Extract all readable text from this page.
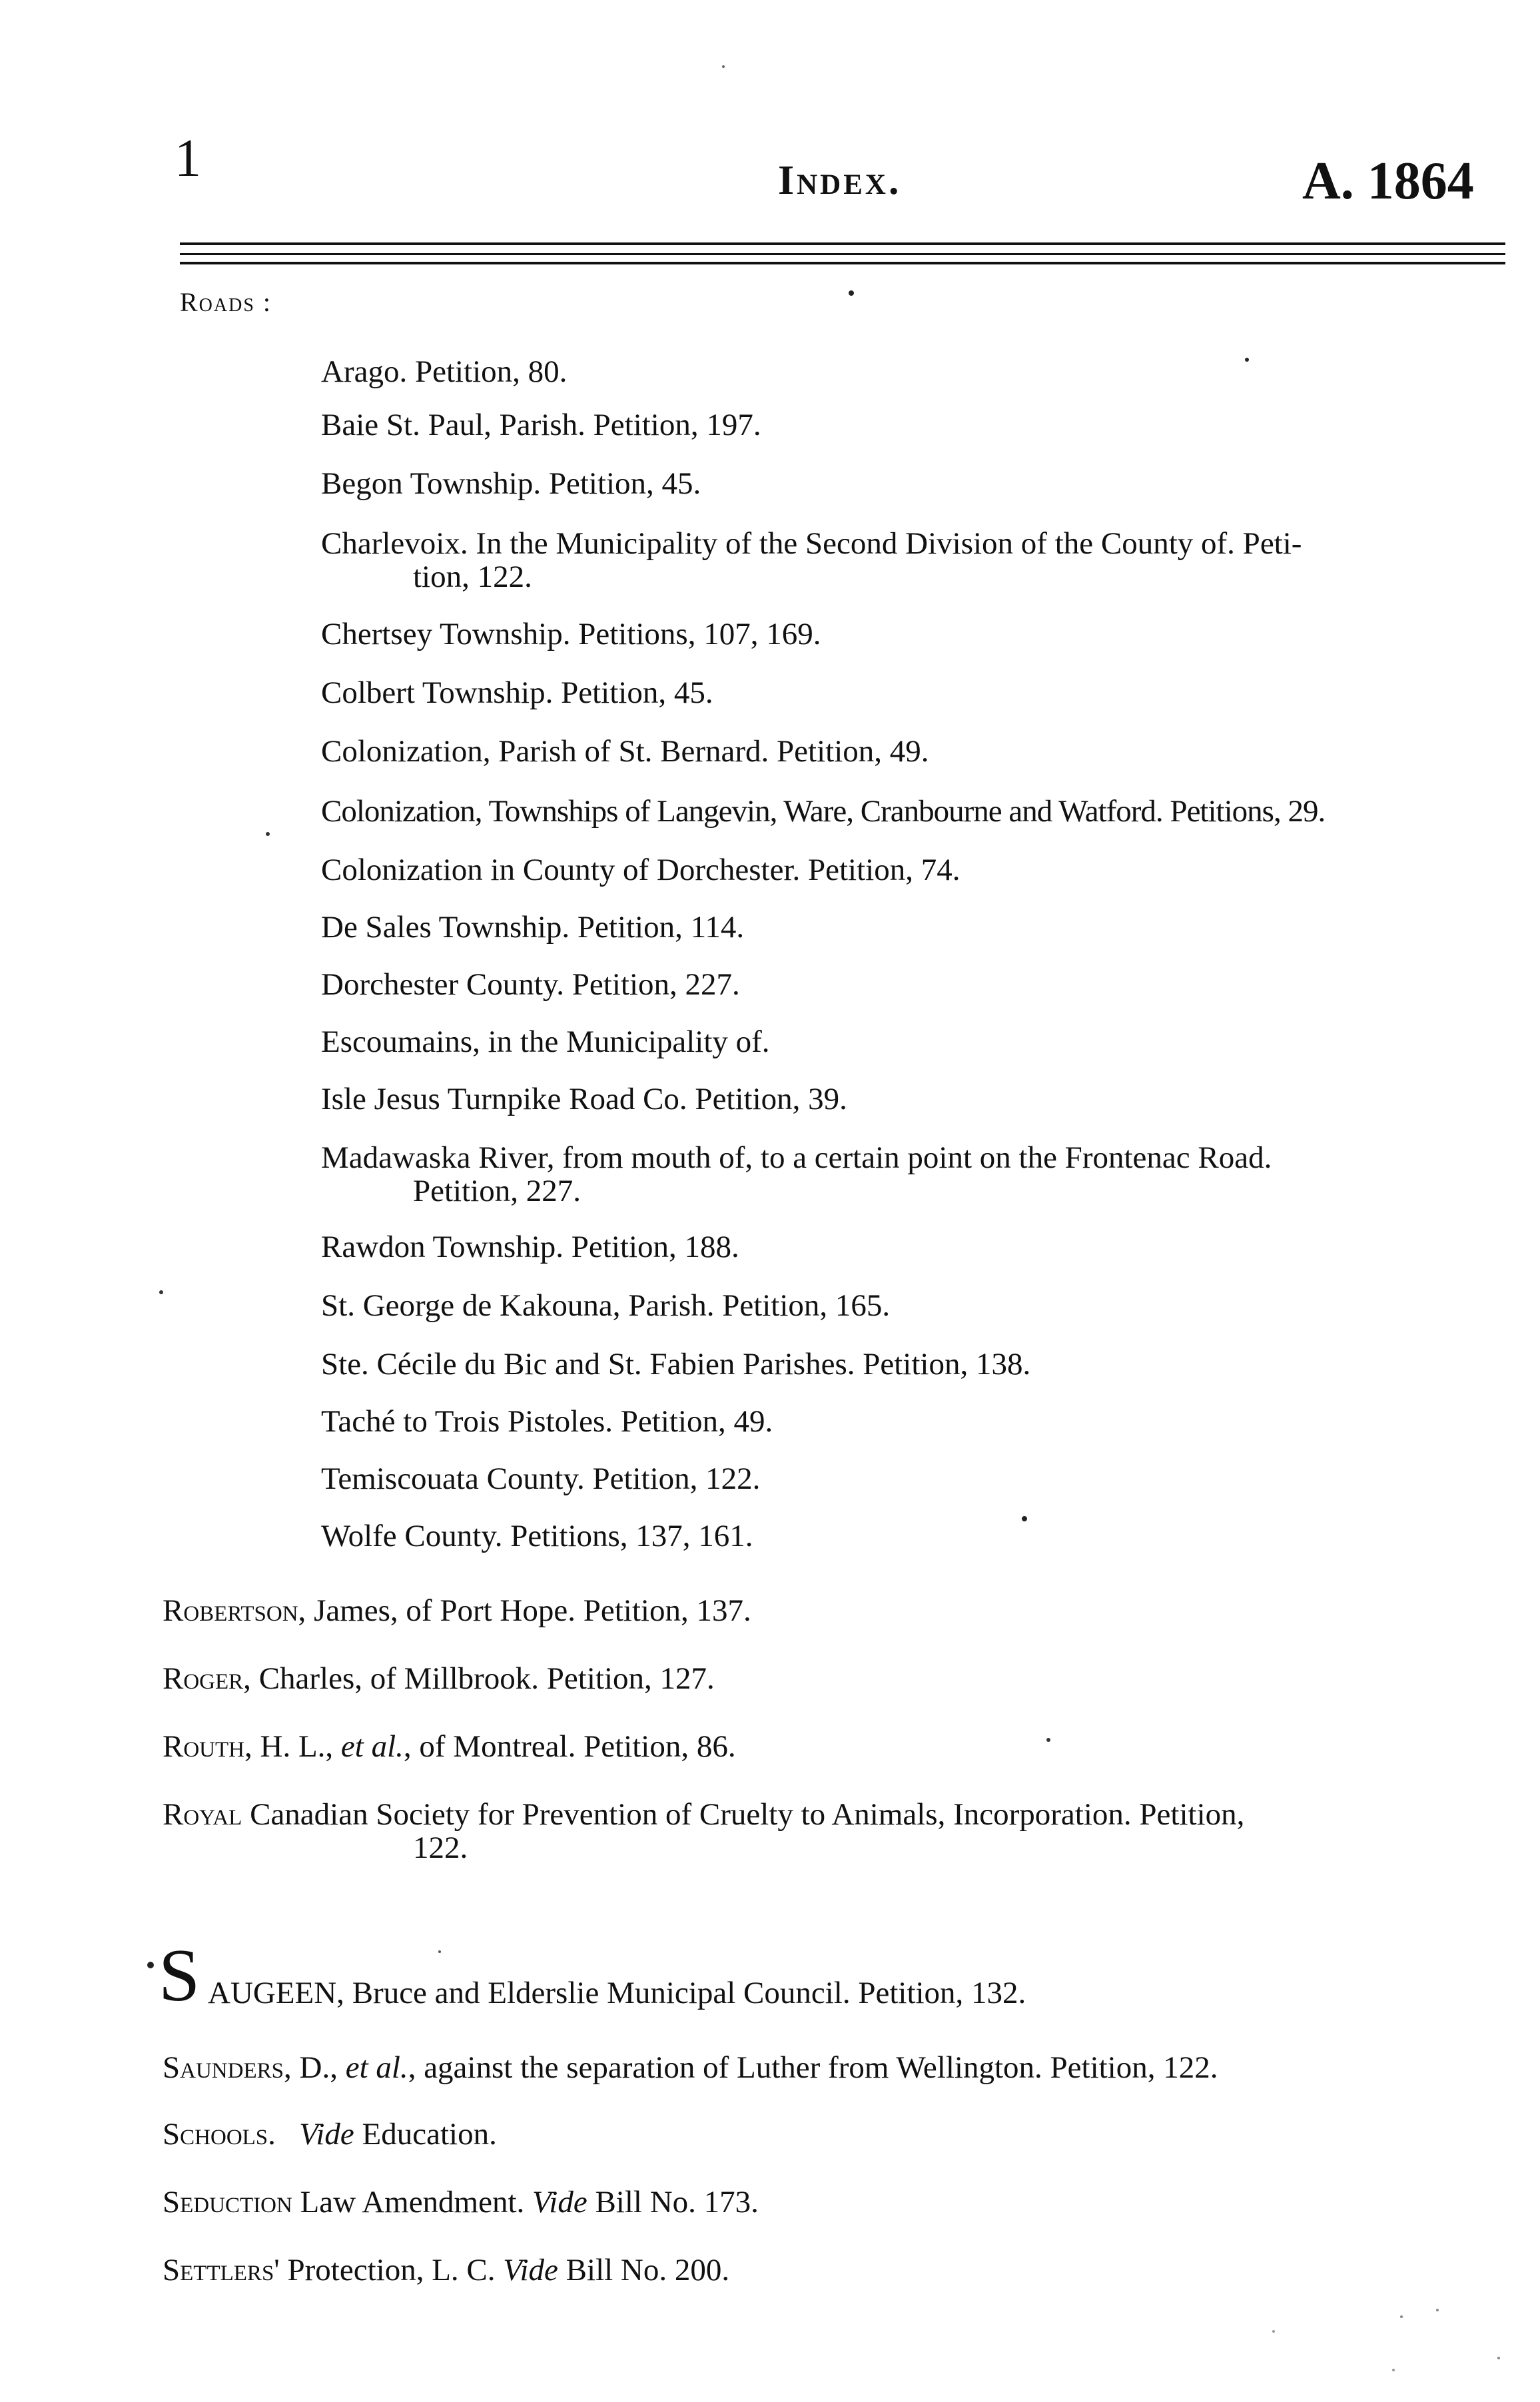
1	Index.	A. 1864
Roads :
Arago. Petition, 80.
Baie St. Paul, Parish. Petition, 197.
Begon Township. Petition, 45.
Charlevoix. In the Municipality of the Second Division of the County of. Peti-
tion, 122.
Chertsey Township. Petitions, 107, 169.
Colbert Township. Petition, 45.
Colonization, Parish of St. Bernard. Petition, 49.
Colonization, Townships of Langevin, Ware, Cranbourne and Watford. Petitions, 29.
Colonization in County of Dorchester. Petition, 74.
De Sales Township. Petition, 114.
Dorchester County. Petition, 227.
Escoumains, in the Municipality of.
Isle Jesus Turnpike Road Co. Petition, 39.
Madawaska River, from mouth of, to a certain point on the Frontenac Road.
Petition, 227.
Rawdon Township. Petition, 188.
St. George de Kakouna, Parish. Petition, 165.
Ste. Cécile du Bic and St. Fabien Parishes. Petition, 138.
Taché to Trois Pistoles. Petition, 49.
Temiscouata County. Petition, 122.
Wolfe County. Petitions, 137, 161.
Robertson, James, of Port Hope. Petition, 137.
Roger, Charles, of Millbrook. Petition, 127.
Routh, H. L., et al., of Montreal. Petition, 86.
Royal Canadian Society for Prevention of Cruelty to Animals, Incorporation. Petition,
122.
S AUGEEN, Bruce and Elderslie Municipal Council. Petition, 132.
Saunders, D., et al., against the separation of Luther from Wellington. Petition, 122.
Schools. Vide Education.
Seduction Law Amendment. Vide Bill No. 173.
Settlers' Protection, L. C. Vide Bill No. 200.
